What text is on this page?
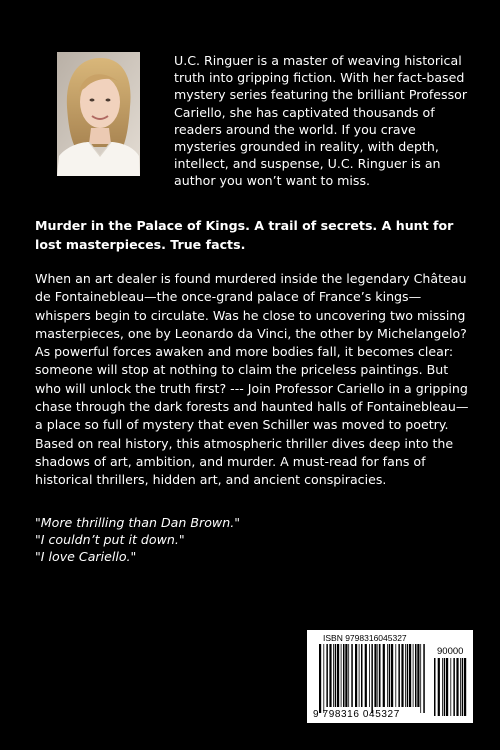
U.C. Ringuer is a master of weaving historical truth into gripping fiction. With her fact-based mystery series featuring the brilliant Professor Cariello, she has captivated thousands of readers around the world. If you crave mysteries grounded in reality, with depth, intellect, and suspense, U.C. Ringuer is an author you won’t want to miss.

Murder in the Palace of Kings. A trail of secrets. A hunt for lost masterpieces. True facts.

When an art dealer is found murdered inside the legendary Château de Fontainebleau—the once-grand palace of France’s kings—whispers begin to circulate. Was he close to uncovering two missing masterpieces, one by Leonardo da Vinci, the other by Michelangelo? As powerful forces awaken and more bodies fall, it becomes clear: someone will stop at nothing to claim the priceless paintings. But who will unlock the truth first? --- Join Professor Cariello in a gripping chase through the dark forests and haunted halls of Fontainebleau—a place so full of mystery that even Schiller was moved to poetry. Based on real history, this atmospheric thriller dives deep into the shadows of art, ambition, and murder. A must-read for fans of historical thrillers, hidden art, and ancient conspiracies.

"More thrilling than Dan Brown."
"I couldn’t put it down."
"I love Cariello."
ISBN 9798316045327
90000
9 798316 045327
